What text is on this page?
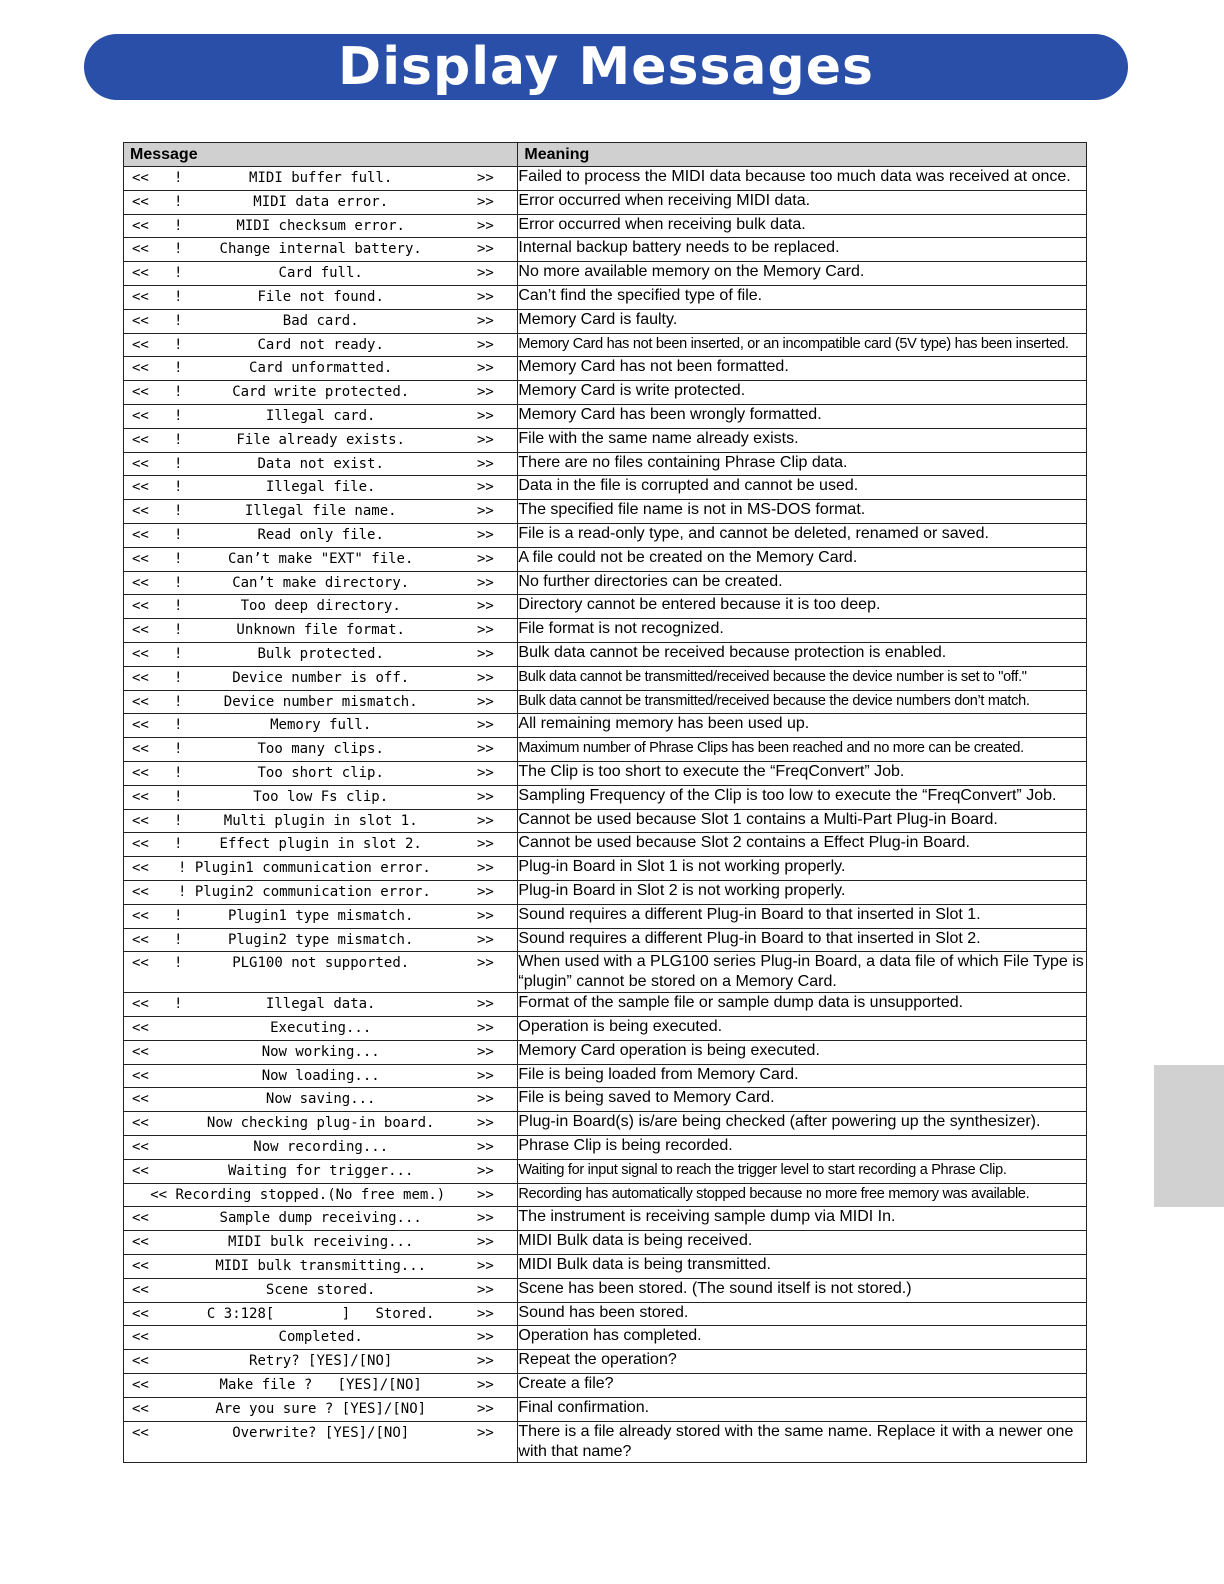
Display Messages
Message	Meaning

<< ! MIDI buffer full. >>	Failed to process the MIDI data because too much data was received at once.

<< ! MIDI data error. >>	Error occurred when receiving MIDI data.

<< ! MIDI checksum error. >>	Error occurred when receiving bulk data.

<< ! Change internal battery. >>	Internal backup battery needs to be replaced.

<< ! Card full. >>	No more available memory on the Memory Card.

<< ! File not found. >>	Can’t find the specified type of file.

<< ! Bad card. >>	Memory Card is faulty.

<< ! Card not ready. >>	Memory Card has not been inserted, or an incompatible card (5V type) has been inserted.

<< ! Card unformatted. >>	Memory Card has not been formatted.

<< ! Card write protected. >>	Memory Card is write protected.

<< ! Illegal card. >>	Memory Card has been wrongly formatted.

<< ! File already exists. >>	File with the same name already exists.

<< ! Data not exist. >>	There are no files containing Phrase Clip data.

<< ! Illegal file. >>	Data in the file is corrupted and cannot be used.

<< ! Illegal file name. >>	The specified file name is not in MS-DOS format.

<< ! Read only file. >>	File is a read-only type, and cannot be deleted, renamed or saved.

<< ! Can’t make "EXT" file. >>	A file could not be created on the Memory Card.

<< ! Can’t make directory. >>	No further directories can be created.

<< ! Too deep directory. >>	Directory cannot be entered because it is too deep.

<< ! Unknown file format. >>	File format is not recognized.

<< ! Bulk protected. >>	Bulk data cannot be received because protection is enabled.

<< ! Device number is off. >>	Bulk data cannot be transmitted/received because the device number is set to "off."

<< ! Device number mismatch. >>	Bulk data cannot be transmitted/received because the device numbers don’t match.

<< ! Memory full. >>	All remaining memory has been used up.

<< ! Too many clips. >>	Maximum number of Phrase Clips has been reached and no more can be created.

<< ! Too short clip. >>	The Clip is too short to execute the “FreqConvert” Job.

<< ! Too low Fs clip. >>	Sampling Frequency of the Clip is too low to execute the “FreqConvert” Job.

<< ! Multi plugin in slot 1. >>	Cannot be used because Slot 1 contains a Multi-Part Plug-in Board.

<< ! Effect plugin in slot 2. >>	Cannot be used because Slot 2 contains a Effect Plug-in Board.

<< ! Plugin1 communication error. >>	Plug-in Board in Slot 1 is not working properly.

<< ! Plugin2 communication error. >>	Plug-in Board in Slot 2 is not working properly.

<< ! Plugin1 type mismatch. >>	Sound requires a different Plug-in Board to that inserted in Slot 1.

<< ! Plugin2 type mismatch. >>	Sound requires a different Plug-in Board to that inserted in Slot 2.

<< ! PLG100 not supported. >>	When used with a PLG100 series Plug-in Board, a data file of which File Type is “plugin” cannot be stored on a Memory Card.

<< ! Illegal data. >>	Format of the sample file or sample dump data is unsupported.

<< Executing... >>	Operation is being executed.

<< Now working... >>	Memory Card operation is being executed.

<< Now loading... >>	File is being loaded from Memory Card.

<< Now saving... >>	File is being saved to Memory Card.

<< Now checking plug-in board. >>	Plug-in Board(s) is/are being checked (after powering up the synthesizer).

<< Now recording... >>	Phrase Clip is being recorded.

<< Waiting for trigger... >>	Waiting for input signal to reach the trigger level to start recording a Phrase Clip.

<< Recording stopped.(No free mem.) >>	Recording has automatically stopped because no more free memory was available.

<< Sample dump receiving... >>	The instrument is receiving sample dump via MIDI In.

<< MIDI bulk receiving... >>	MIDI Bulk data is being received.

<< MIDI bulk transmitting... >>	MIDI Bulk data is being transmitted.

<< Scene stored. >>	Scene has been stored. (The sound itself is not stored.)

<< C 3:128[        ]   Stored. >>	Sound has been stored.

<< Completed. >>	Operation has completed.

<< Retry? [YES]/[NO] >>	Repeat the operation?

<< Make file ?   [YES]/[NO] >>	Create a file?

<< Are you sure ? [YES]/[NO] >>	Final confirmation.

<< Overwrite? [YES]/[NO] >>	There is a file already stored with the same name. Replace it with a newer one with that name?
